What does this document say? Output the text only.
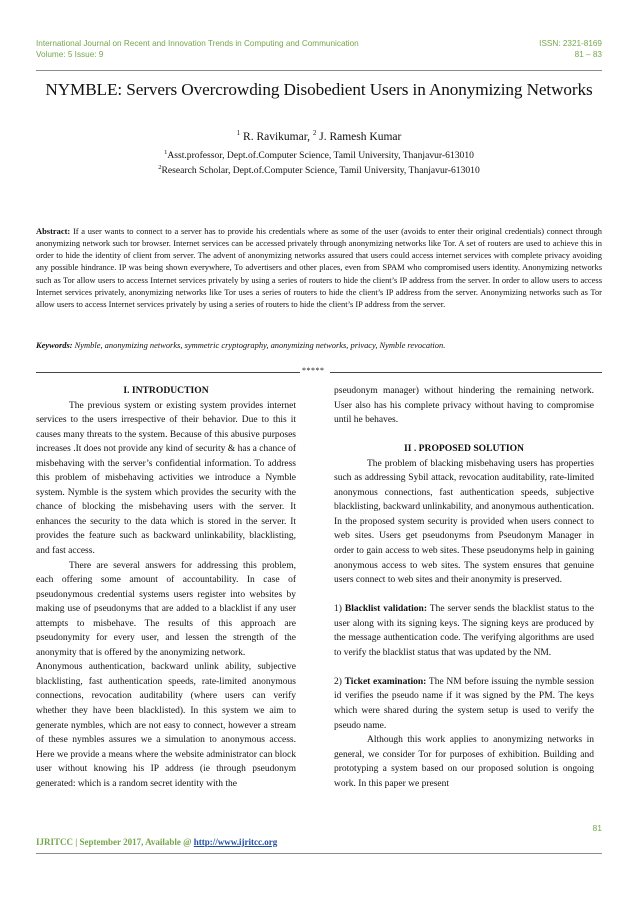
International Journal on Recent and Innovation Trends in Computing and Communication
Volume: 5 Issue: 9
ISSN: 2321-8169
81 – 83
NYMBLE: Servers Overcrowding Disobedient Users in Anonymizing Networks
$^1$ R. Ravikumar, $^2$ J. Ramesh Kumar
$^1$Asst.professor, Dept.of.Computer Science, Tamil University, Thanjavur-613010
$^2$Research Scholar, Dept.of.Computer Science, Tamil University, Thanjavur-613010
Abstract: If a user wants to connect to a server has to provide his credentials where as some of the user (avoids to enter their original credentials) connect through anonymizing network such tor browser. Internet services can be accessed privately through anonymizing networks like Tor. A set of routers are used to achieve this in order to hide the identity of client from server. The advent of anonymizing networks assured that users could access internet services with complete privacy avoiding any possible hindrance. IP was being shown everywhere, To advertisers and other places, even from SPAM who compromised users identity. Anonymizing networks such as Tor allow users to access Internet services privately by using a series of routers to hide the client’s IP address from the server. In order to allow users to access Internet services privately, anonymizing networks like Tor uses a series of routers to hide the client’s IP address from the server. Anonymizing networks such as Tor allow users to access Internet services privately by using a series of routers to hide the client’s IP address from the server.
Keywords: Nymble, anonymizing networks, symmetric cryptography, anonymizing networks, privacy, Nymble revocation.
*****
I. INTRODUCTION

The previous system or existing system provides internet services to the users irrespective of their behavior. Due to this it causes many threats to the system. Because of this abusive purposes increases .It does not provide any kind of security & has a chance of misbehaving with the server’s confidential information. To address this problem of misbehaving activities we introduce a Nymble system. Nymble is the system which provides the security with the chance of blocking the misbehaving users with the server. It enhances the security to the data which is stored in the server. It provides the feature such as backward unlinkability, blacklisting, and fast access.

There are several answers for addressing this problem, each offering some amount of accountability. In case of pseudonymous credential systems users register into websites by making use of pseudonyms that are added to a blacklist if any user attempts to misbehave. The results of this approach are pseudonymity for every user, and lessen the strength of the anonymity that is offered by the anonymizing network.

Anonymous authentication, backward unlink ability, subjective blacklisting, fast authentication speeds, rate-limited anonymous connections, revocation auditability (where users can verify whether they have been blacklisted). In this system we aim to generate nymbles, which are not easy to connect, however a stream of these nymbles assures we a simulation to anonymous access. Here we provide a means where the website administrator can block user without knowing his IP address (ie through pseudonym generated: which is a random secret identity with the

pseudonym manager) without hindering the remaining network. User also has his complete privacy without having to compromise until he behaves.

II . PROPOSED SOLUTION

The problem of blacking misbehaving users has properties such as addressing Sybil attack, revocation auditability, rate-limited anonymous connections, fast authentication speeds, subjective blacklisting, backward unlinkability, and anonymous authentication. In the proposed system security is provided when users connect to web sites. Users get pseudonyms from Pseudonym Manager in order to gain access to web sites. These pseudonyms help in gaining anonymous access to web sites. The system ensures that genuine users connect to web sites and their anonymity is preserved.

1) Blacklist validation: The server sends the blacklist status to the user along with its signing keys. The signing keys are produced by the message authentication code. The verifying algorithms are used to verify the blacklist status that was updated by the NM.

2) Ticket examination: The NM before issuing the nymble session id verifies the pseudo name if it was signed by the PM. The keys which were shared during the system setup is used to verify the pseudo name.

Although this work applies to anonymizing networks in general, we consider Tor for purposes of exhibition. Building and prototyping a system based on our proposed solution is ongoing work. In this paper we present

81
IJRITCC | September 2017, Available @ http://www.ijritcc.org
